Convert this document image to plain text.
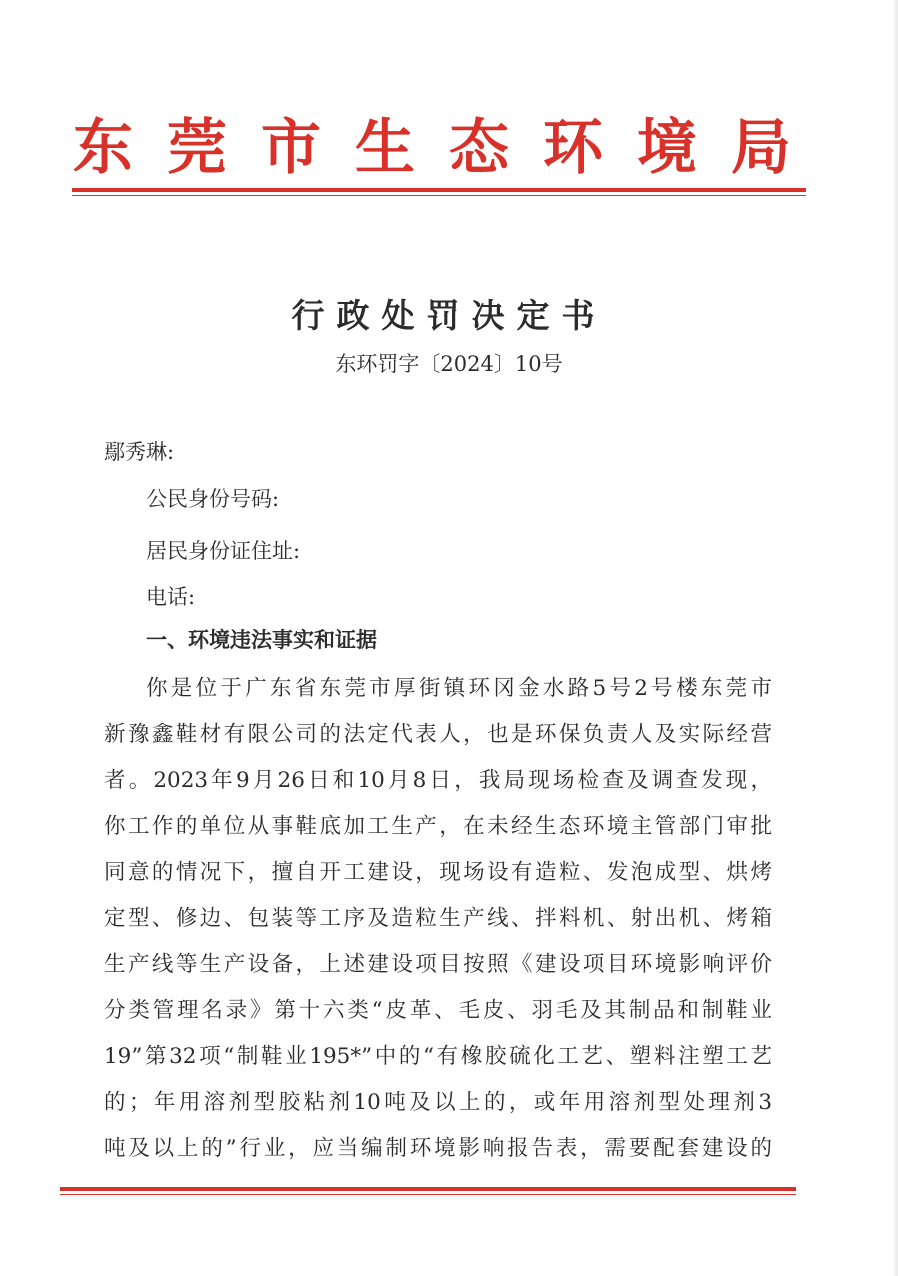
东莞市生态环境局
行政处罚决定书
东环罚字〔2024〕10号
鄢秀琳:
公民身份号码:
居民身份证住址:
电话:
一、环境违法事实和证据
你是位于广东省东莞市厚街镇环冈金水路5号2号楼东莞市
新豫鑫鞋材有限公司的法定代表人，也是环保负责人及实际经营
者。2023年9月26日和10月8日，我局现场检查及调查发现，
你工作的单位从事鞋底加工生产，在未经生态环境主管部门审批
同意的情况下，擅自开工建设，现场设有造粒、发泡成型、烘烤
定型、修边、包装等工序及造粒生产线、拌料机、射出机、烤箱
生产线等生产设备，上述建设项目按照《建设项目环境影响评价
分类管理名录》第十六类“皮革、毛皮、羽毛及其制品和制鞋业
19”第32项“制鞋业195*”中的“有橡胶硫化工艺、塑料注塑工艺
的；年用溶剂型胶粘剂10吨及以上的，或年用溶剂型处理剂3
吨及以上的”行业，应当编制环境影响报告表，需要配套建设的
